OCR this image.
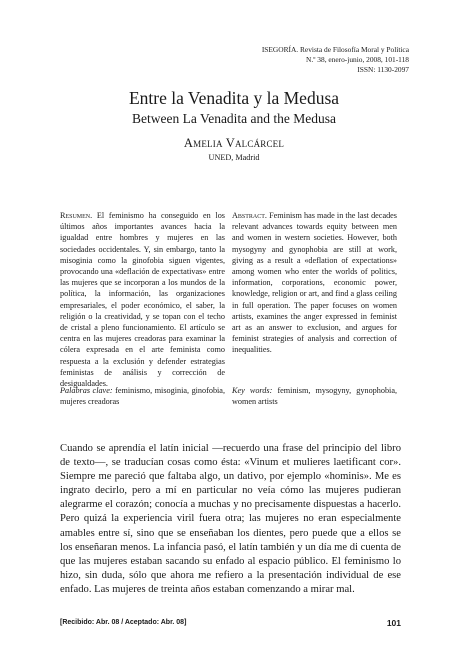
ISEGORÍA. Revista de Filosofía Moral y Política
N.º 38, enero-junio, 2008, 101-118
ISSN: 1130-2097
Entre la Venadita y la Medusa
Between La Venadita and the Medusa
Amelia Valcárcel
UNED, Madrid
Resumen. El feminismo ha conseguido en los últimos años importantes avances hacia la igualdad entre hombres y mujeres en las sociedades occidentales. Y, sin embargo, tanto la misoginia como la ginofobia siguen vigentes, provocando una «deflación de expectativas» entre las mujeres que se incorporan a los mundos de la política, la información, las organizaciones empresariales, el poder económico, el saber, la religión o la creatividad, y se topan con el techo de cristal a pleno funcionamiento. El artículo se centra en las mujeres creadoras para examinar la cólera expresada en el arte feminista como respuesta a la exclusión y defender estrategias feministas de análisis y corrección de desigualdades.
Abstract. Feminism has made in the last decades relevant advances towards equity between men and women in western societies. However, both mysogyny and gynophobia are still at work, giving as a result a «deflation of expectations» among women who enter the worlds of politics, information, corporations, economic power, knowledge, religion or art, and find a glass ceiling in full operation. The paper focuses on women artists, examines the anger expressed in feminist art as an answer to exclusion, and argues for feminist strategies of analysis and correction of inequalities.
Palabras clave: feminismo, misoginia, ginofobia, mujeres creadoras
Key words: feminism, mysogyny, gynophobia, women artists
Cuando se aprendía el latín inicial —recuerdo una frase del principio del libro de texto—, se traducían cosas como ésta: «Vinum et mulieres laetificant cor». Siempre me pareció que faltaba algo, un dativo, por ejemplo «hominis». Me es ingrato decirlo, pero a mí en particular no veía cómo las mujeres pudieran alegrarme el corazón; conocía a muchas y no precisamente dispuestas a hacerlo. Pero quizá la experiencia viril fuera otra; las mujeres no eran especialmente amables entre sí, sino que se enseñaban los dientes, pero puede que a ellos se los enseñaran menos. La infancia pasó, el latín también y un día me di cuenta de que las mujeres estaban sacando su enfado al espacio público. El feminismo lo hizo, sin duda, sólo que ahora me refiero a la presentación individual de ese enfado. Las mujeres de treinta años estaban comenzando a mirar mal.
[Recibido: Abr. 08 / Aceptado: Abr. 08]	101
